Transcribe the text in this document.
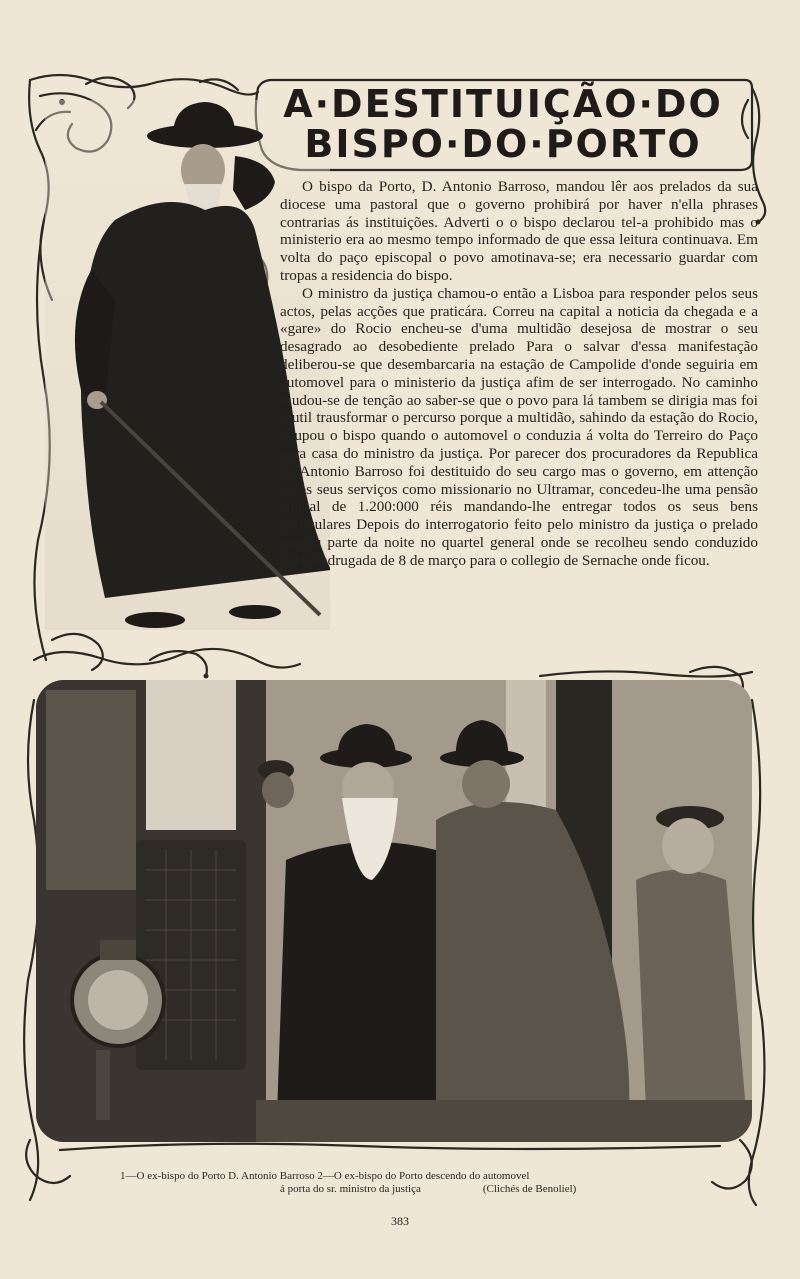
A·DESTITUIÇÃO·DO
BISPO·DO·PORTO

O bispo da Porto, D. Antonio Barroso, mandou lêr aos prelados da sua diocese uma pastoral que o governo prohibirá por haver n'ella phrases contrarias ás instituições. Adverti o o bispo declarou tel-a prohibido mas o ministerio era ao mesmo tempo informado de que essa leitura continuava. Em volta do paço episcopal o povo amotinava-se; era necessario guardar com tropas a residencia do bispo.

O ministro da justiça chamou-o então a Lisboa para responder pelos seus actos, pelas acções que praticára. Correu na capital a noticia da chegada e a «gare» do Rocio encheu-se d'uma multidão desejosa de mostrar o seu desagrado ao desobediente prelado Para o salvar d'essa manifestação deliberou-se que desembarcaria na estação de Campolide d'onde seguiria em automovel para o ministerio da justiça afim de ser interrogado. No caminho mudou-se de tenção ao saber-se que o povo para lá tambem se dirigia mas foi inutil trausformar o percurso porque a multidão, sahindo da estação do Rocio, apupou o bispo quando o automovel o conduzia á volta do Terreiro do Paço para casa do ministro da justiça. Por parecer dos procuradores da Republica D. Antonio Barroso foi destituido do seu cargo mas o governo, em attenção pelos seus serviços como missionario no Ultramar, concedeu-lhe uma pensão annual de 1.200:000 réis mandando-lhe entregar todos os seus bens particulares Depois do interrogatorio feito pelo ministro da justiça o prelado passou parte da noite no quartel general onde se recolheu sendo conduzido pela madrugada de 8 de março para o collegio de Sernache onde ficou.

1—O ex-bispo do Porto D. Antonio Barroso 2—O ex-bispo do Porto descendo do automovel
á porta do sr. ministro da justiça	(Clichés de Benoliel)
383
